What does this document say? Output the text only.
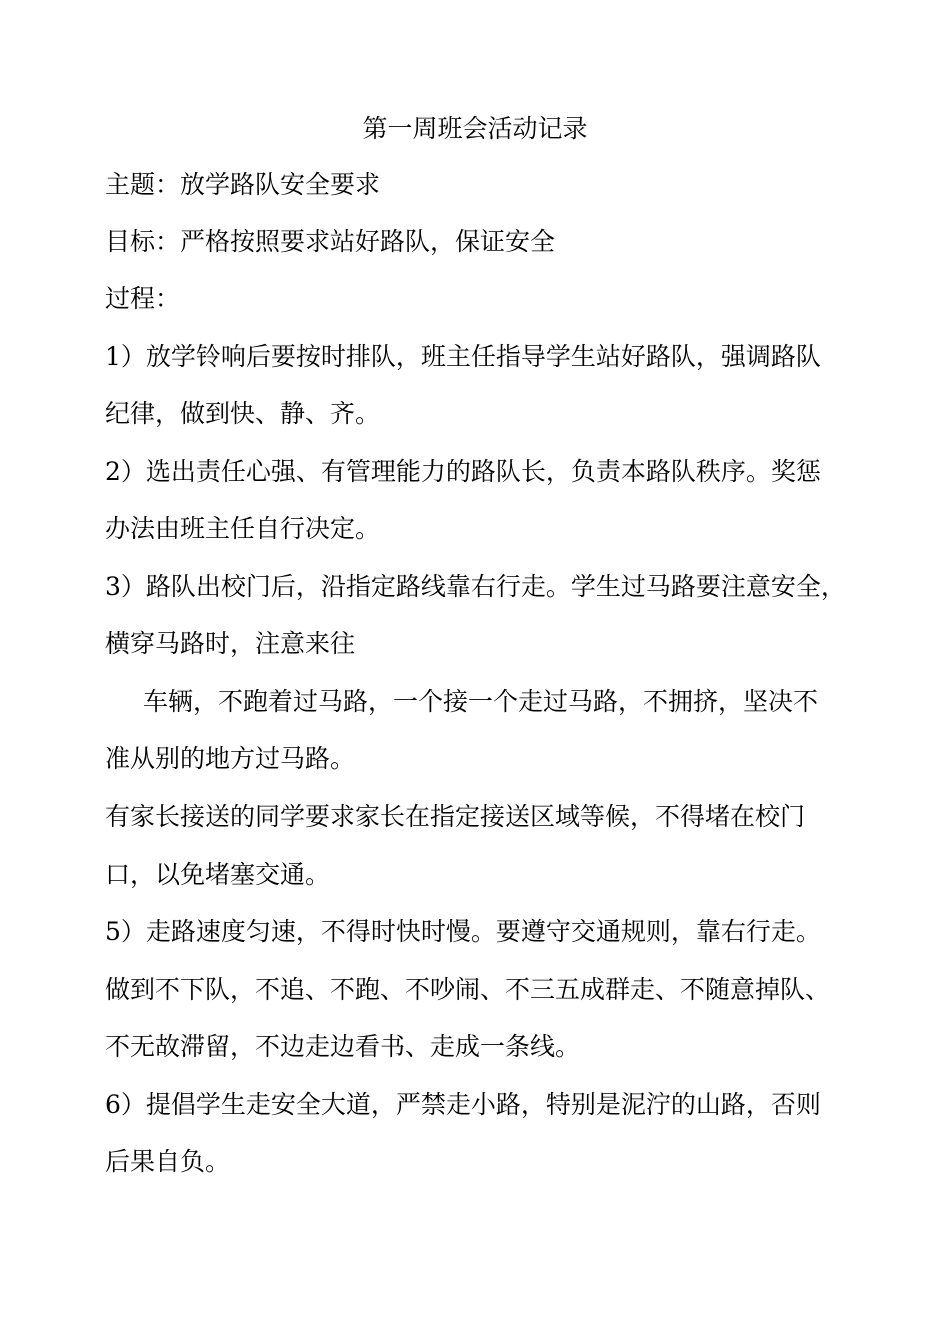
第一周班会活动记录
主题：放学路队安全要求
目标：严格按照要求站好路队，保证安全
过程：
1）放学铃响后要按时排队，班主任指导学生站好路队，强调路队
纪律，做到快、静、齐。
2）选出责任心强、有管理能力的路队长，负责本路队秩序。奖惩
办法由班主任自行决定。
3）路队出校门后，沿指定路线靠右行走。学生过马路要注意安全，
横穿马路时，注意来往
车辆，不跑着过马路，一个接一个走过马路，不拥挤，坚决不
准从别的地方过马路。
有家长接送的同学要求家长在指定接送区域等候，不得堵在校门
口，以免堵塞交通。
5）走路速度匀速，不得时快时慢。要遵守交通规则，靠右行走。
做到不下队，不追、不跑、不吵闹、不三五成群走、不随意掉队、
不无故滞留，不边走边看书、走成一条线。
6）提倡学生走安全大道，严禁走小路，特别是泥泞的山路，否则
后果自负。
